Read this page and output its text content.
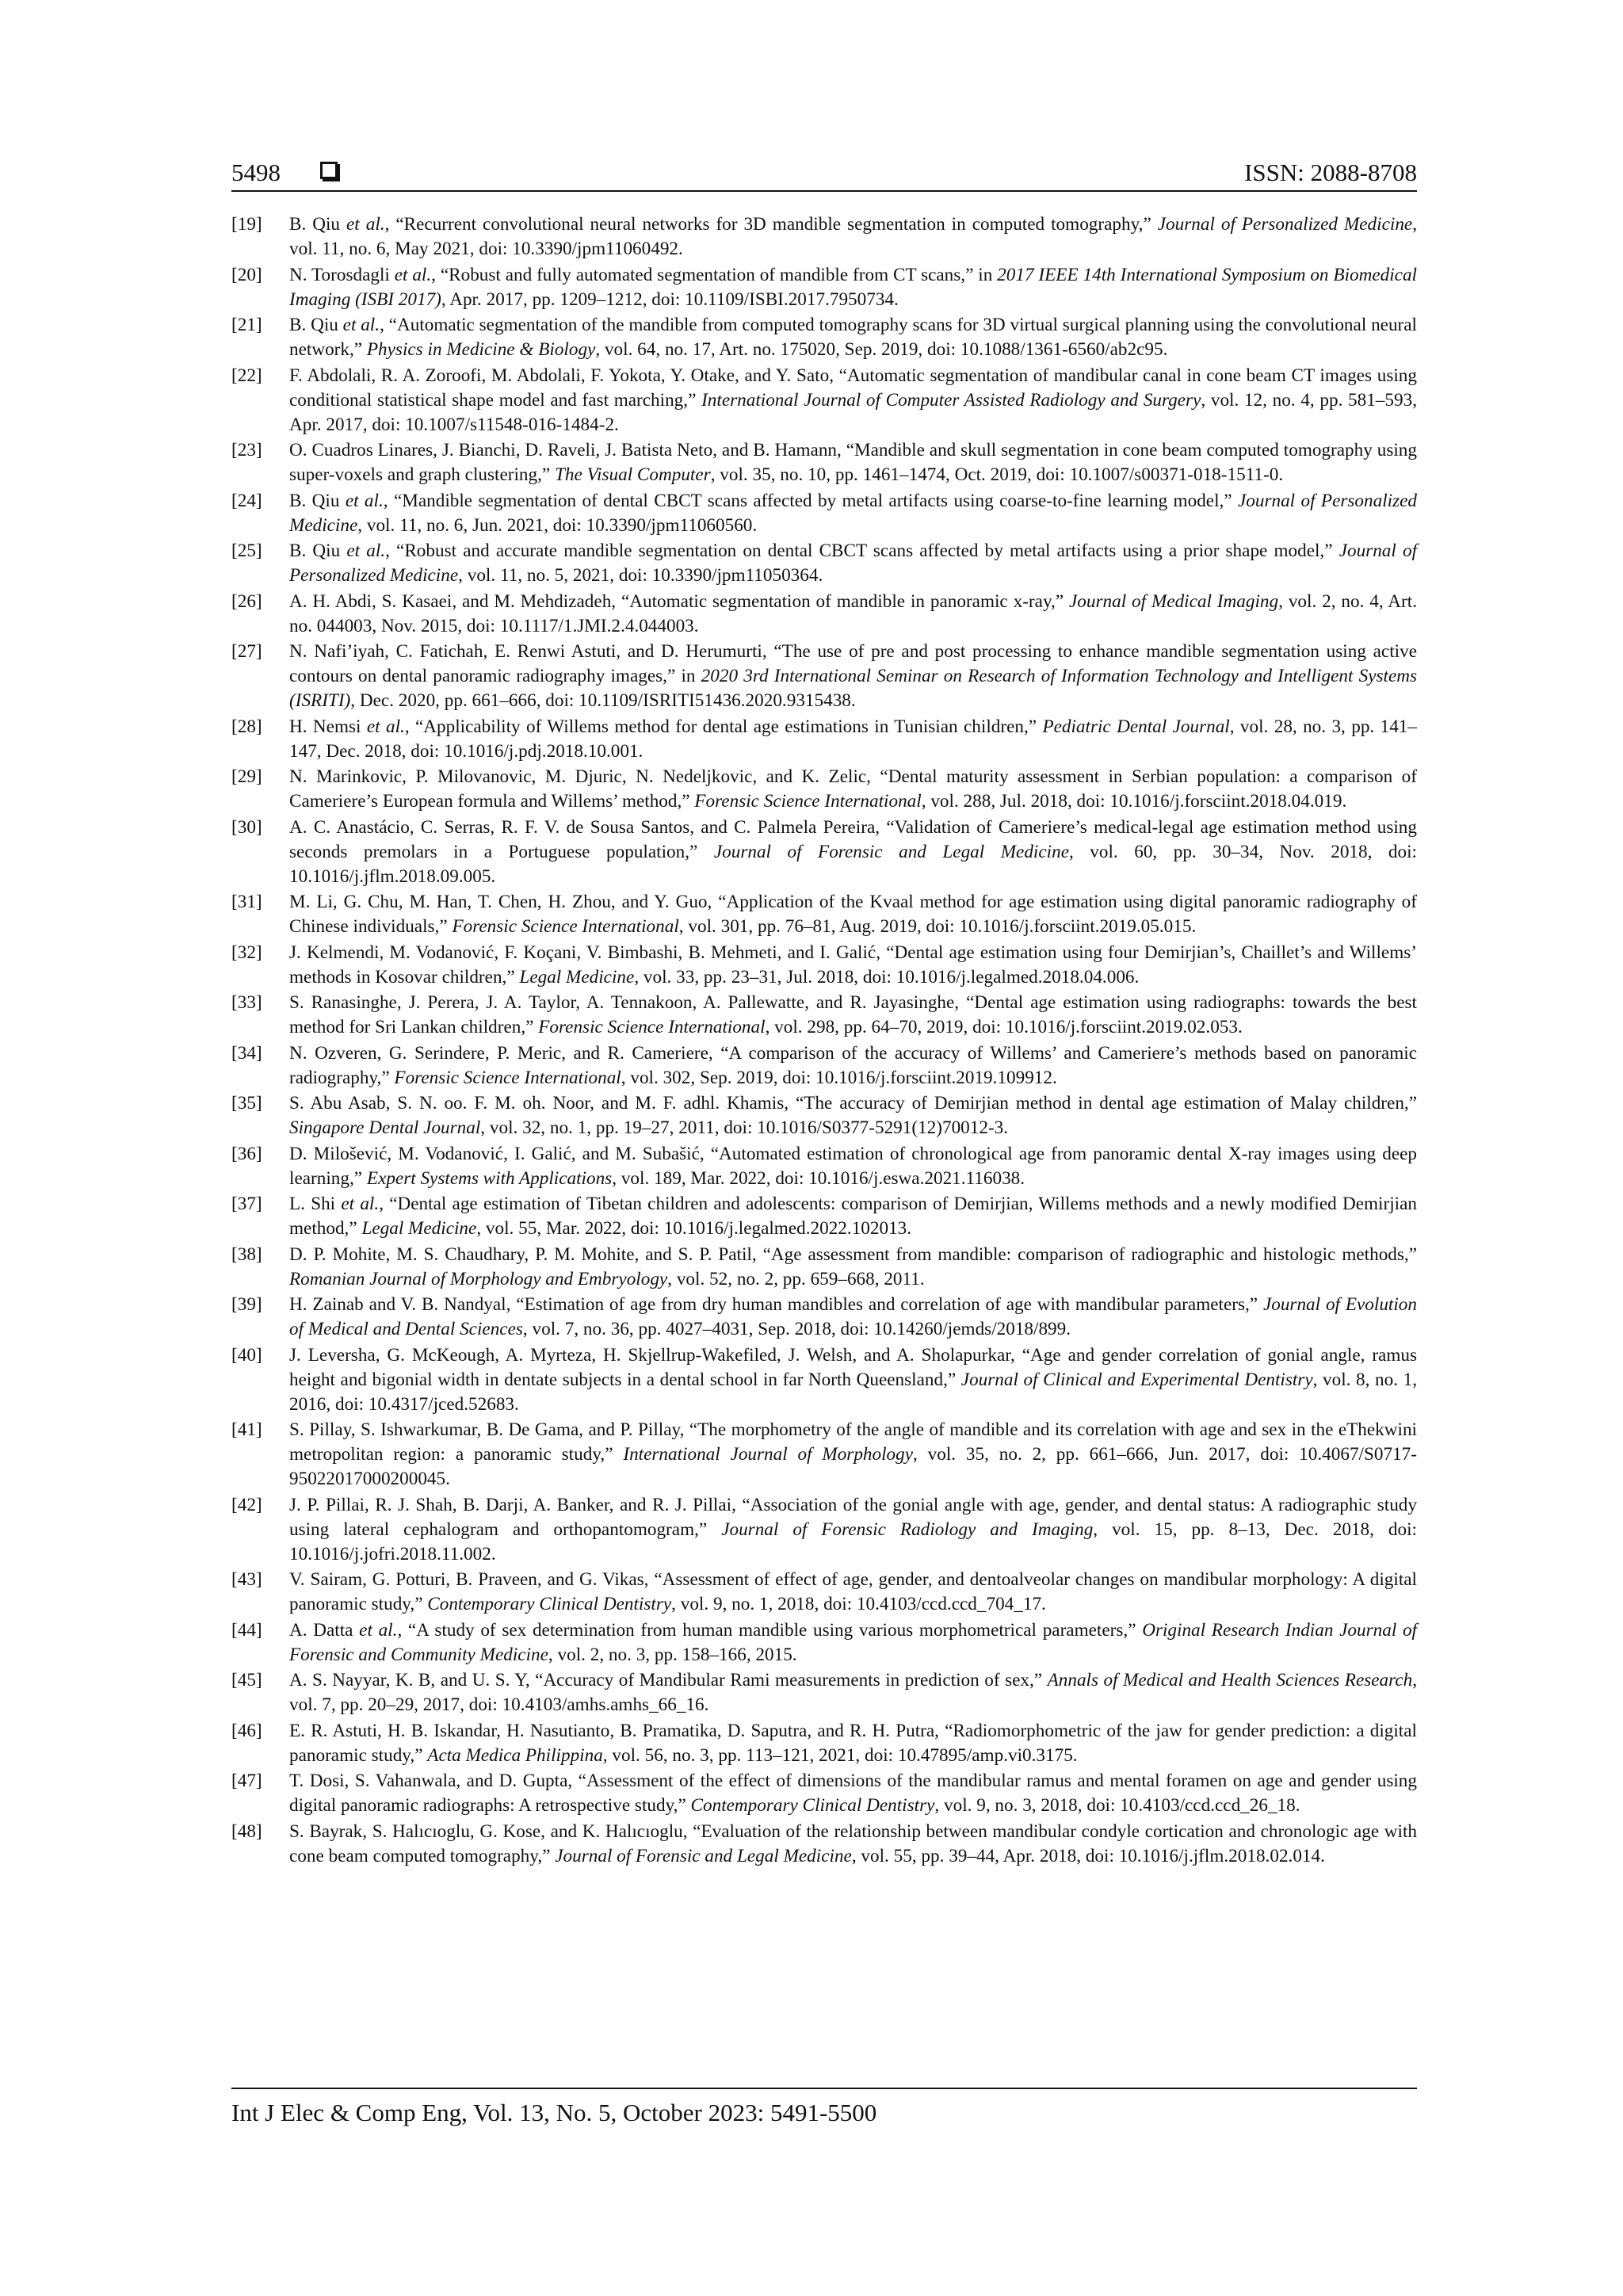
5498	ISSN: 2088-8708
[19]	B. Qiu et al., “Recurrent convolutional neural networks for 3D mandible segmentation in computed tomography,” Journal of Personalized Medicine, vol. 11, no. 6, May 2021, doi: 10.3390/jpm11060492.
[20]	N. Torosdagli et al., “Robust and fully automated segmentation of mandible from CT scans,” in 2017 IEEE 14th International Symposium on Biomedical Imaging (ISBI 2017), Apr. 2017, pp. 1209–1212, doi: 10.1109/ISBI.2017.7950734.
[21]	B. Qiu et al., “Automatic segmentation of the mandible from computed tomography scans for 3D virtual surgical planning using the convolutional neural network,” Physics in Medicine & Biology, vol. 64, no. 17, Art. no. 175020, Sep. 2019, doi: 10.1088/1361-6560/ab2c95.
[22]	F. Abdolali, R. A. Zoroofi, M. Abdolali, F. Yokota, Y. Otake, and Y. Sato, “Automatic segmentation of mandibular canal in cone beam CT images using conditional statistical shape model and fast marching,” International Journal of Computer Assisted Radiology and Surgery, vol. 12, no. 4, pp. 581–593, Apr. 2017, doi: 10.1007/s11548-016-1484-2.
[23]	O. Cuadros Linares, J. Bianchi, D. Raveli, J. Batista Neto, and B. Hamann, “Mandible and skull segmentation in cone beam computed tomography using super-voxels and graph clustering,” The Visual Computer, vol. 35, no. 10, pp. 1461–1474, Oct. 2019, doi: 10.1007/s00371-018-1511-0.
[24]	B. Qiu et al., “Mandible segmentation of dental CBCT scans affected by metal artifacts using coarse-to-fine learning model,” Journal of Personalized Medicine, vol. 11, no. 6, Jun. 2021, doi: 10.3390/jpm11060560.
[25]	B. Qiu et al., “Robust and accurate mandible segmentation on dental CBCT scans affected by metal artifacts using a prior shape model,” Journal of Personalized Medicine, vol. 11, no. 5, 2021, doi: 10.3390/jpm11050364.
[26]	A. H. Abdi, S. Kasaei, and M. Mehdizadeh, “Automatic segmentation of mandible in panoramic x-ray,” Journal of Medical Imaging, vol. 2, no. 4, Art. no. 044003, Nov. 2015, doi: 10.1117/1.JMI.2.4.044003.
[27]	N. Nafi’iyah, C. Fatichah, E. Renwi Astuti, and D. Herumurti, “The use of pre and post processing to enhance mandible segmentation using active contours on dental panoramic radiography images,” in 2020 3rd International Seminar on Research of Information Technology and Intelligent Systems (ISRITI), Dec. 2020, pp. 661–666, doi: 10.1109/ISRITI51436.2020.9315438.
[28]	H. Nemsi et al., “Applicability of Willems method for dental age estimations in Tunisian children,” Pediatric Dental Journal, vol. 28, no. 3, pp. 141–147, Dec. 2018, doi: 10.1016/j.pdj.2018.10.001.
[29]	N. Marinkovic, P. Milovanovic, M. Djuric, N. Nedeljkovic, and K. Zelic, “Dental maturity assessment in Serbian population: a comparison of Cameriere’s European formula and Willems’ method,” Forensic Science International, vol. 288, Jul. 2018, doi: 10.1016/j.forsciint.2018.04.019.
[30]	A. C. Anastácio, C. Serras, R. F. V. de Sousa Santos, and C. Palmela Pereira, “Validation of Cameriere’s medical-legal age estimation method using seconds premolars in a Portuguese population,” Journal of Forensic and Legal Medicine, vol. 60, pp. 30–34, Nov. 2018, doi: 10.1016/j.jflm.2018.09.005.
[31]	M. Li, G. Chu, M. Han, T. Chen, H. Zhou, and Y. Guo, “Application of the Kvaal method for age estimation using digital panoramic radiography of Chinese individuals,” Forensic Science International, vol. 301, pp. 76–81, Aug. 2019, doi: 10.1016/j.forsciint.2019.05.015.
[32]	J. Kelmendi, M. Vodanović, F. Koçani, V. Bimbashi, B. Mehmeti, and I. Galić, “Dental age estimation using four Demirjian’s, Chaillet’s and Willems’ methods in Kosovar children,” Legal Medicine, vol. 33, pp. 23–31, Jul. 2018, doi: 10.1016/j.legalmed.2018.04.006.
[33]	S. Ranasinghe, J. Perera, J. A. Taylor, A. Tennakoon, A. Pallewatte, and R. Jayasinghe, “Dental age estimation using radiographs: towards the best method for Sri Lankan children,” Forensic Science International, vol. 298, pp. 64–70, 2019, doi: 10.1016/j.forsciint.2019.02.053.
[34]	N. Ozveren, G. Serindere, P. Meric, and R. Cameriere, “A comparison of the accuracy of Willems’ and Cameriere’s methods based on panoramic radiography,” Forensic Science International, vol. 302, Sep. 2019, doi: 10.1016/j.forsciint.2019.109912.
[35]	S. Abu Asab, S. N. oo. F. M. oh. Noor, and M. F. adhl. Khamis, “The accuracy of Demirjian method in dental age estimation of Malay children,” Singapore Dental Journal, vol. 32, no. 1, pp. 19–27, 2011, doi: 10.1016/S0377-5291(12)70012-3.
[36]	D. Milošević, M. Vodanović, I. Galić, and M. Subašić, “Automated estimation of chronological age from panoramic dental X-ray images using deep learning,” Expert Systems with Applications, vol. 189, Mar. 2022, doi: 10.1016/j.eswa.2021.116038.
[37]	L. Shi et al., “Dental age estimation of Tibetan children and adolescents: comparison of Demirjian, Willems methods and a newly modified Demirjian method,” Legal Medicine, vol. 55, Mar. 2022, doi: 10.1016/j.legalmed.2022.102013.
[38]	D. P. Mohite, M. S. Chaudhary, P. M. Mohite, and S. P. Patil, “Age assessment from mandible: comparison of radiographic and histologic methods,” Romanian Journal of Morphology and Embryology, vol. 52, no. 2, pp. 659–668, 2011.
[39]	H. Zainab and V. B. Nandyal, “Estimation of age from dry human mandibles and correlation of age with mandibular parameters,” Journal of Evolution of Medical and Dental Sciences, vol. 7, no. 36, pp. 4027–4031, Sep. 2018, doi: 10.14260/jemds/2018/899.
[40]	J. Leversha, G. McKeough, A. Myrteza, H. Skjellrup-Wakefiled, J. Welsh, and A. Sholapurkar, “Age and gender correlation of gonial angle, ramus height and bigonial width in dentate subjects in a dental school in far North Queensland,” Journal of Clinical and Experimental Dentistry, vol. 8, no. 1, 2016, doi: 10.4317/jced.52683.
[41]	S. Pillay, S. Ishwarkumar, B. De Gama, and P. Pillay, “The morphometry of the angle of mandible and its correlation with age and sex in the eThekwini metropolitan region: a panoramic study,” International Journal of Morphology, vol. 35, no. 2, pp. 661–666, Jun. 2017, doi: 10.4067/S0717-95022017000200045.
[42]	J. P. Pillai, R. J. Shah, B. Darji, A. Banker, and R. J. Pillai, “Association of the gonial angle with age, gender, and dental status: A radiographic study using lateral cephalogram and orthopantomogram,” Journal of Forensic Radiology and Imaging, vol. 15, pp. 8–13, Dec. 2018, doi: 10.1016/j.jofri.2018.11.002.
[43]	V. Sairam, G. Potturi, B. Praveen, and G. Vikas, “Assessment of effect of age, gender, and dentoalveolar changes on mandibular morphology: A digital panoramic study,” Contemporary Clinical Dentistry, vol. 9, no. 1, 2018, doi: 10.4103/ccd.ccd_704_17.
[44]	A. Datta et al., “A study of sex determination from human mandible using various morphometrical parameters,” Original Research Indian Journal of Forensic and Community Medicine, vol. 2, no. 3, pp. 158–166, 2015.
[45]	A. S. Nayyar, K. B, and U. S. Y, “Accuracy of Mandibular Rami measurements in prediction of sex,” Annals of Medical and Health Sciences Research, vol. 7, pp. 20–29, 2017, doi: 10.4103/amhs.amhs_66_16.
[46]	E. R. Astuti, H. B. Iskandar, H. Nasutianto, B. Pramatika, D. Saputra, and R. H. Putra, “Radiomorphometric of the jaw for gender prediction: a digital panoramic study,” Acta Medica Philippina, vol. 56, no. 3, pp. 113–121, 2021, doi: 10.47895/amp.vi0.3175.
[47]	T. Dosi, S. Vahanwala, and D. Gupta, “Assessment of the effect of dimensions of the mandibular ramus and mental foramen on age and gender using digital panoramic radiographs: A retrospective study,” Contemporary Clinical Dentistry, vol. 9, no. 3, 2018, doi: 10.4103/ccd.ccd_26_18.
[48]	S. Bayrak, S. Halıcıoglu, G. Kose, and K. Halıcıoglu, “Evaluation of the relationship between mandibular condyle cortication and chronologic age with cone beam computed tomography,” Journal of Forensic and Legal Medicine, vol. 55, pp. 39–44, Apr. 2018, doi: 10.1016/j.jflm.2018.02.014.
Int J Elec & Comp Eng, Vol. 13, No. 5, October 2023: 5491-5500
